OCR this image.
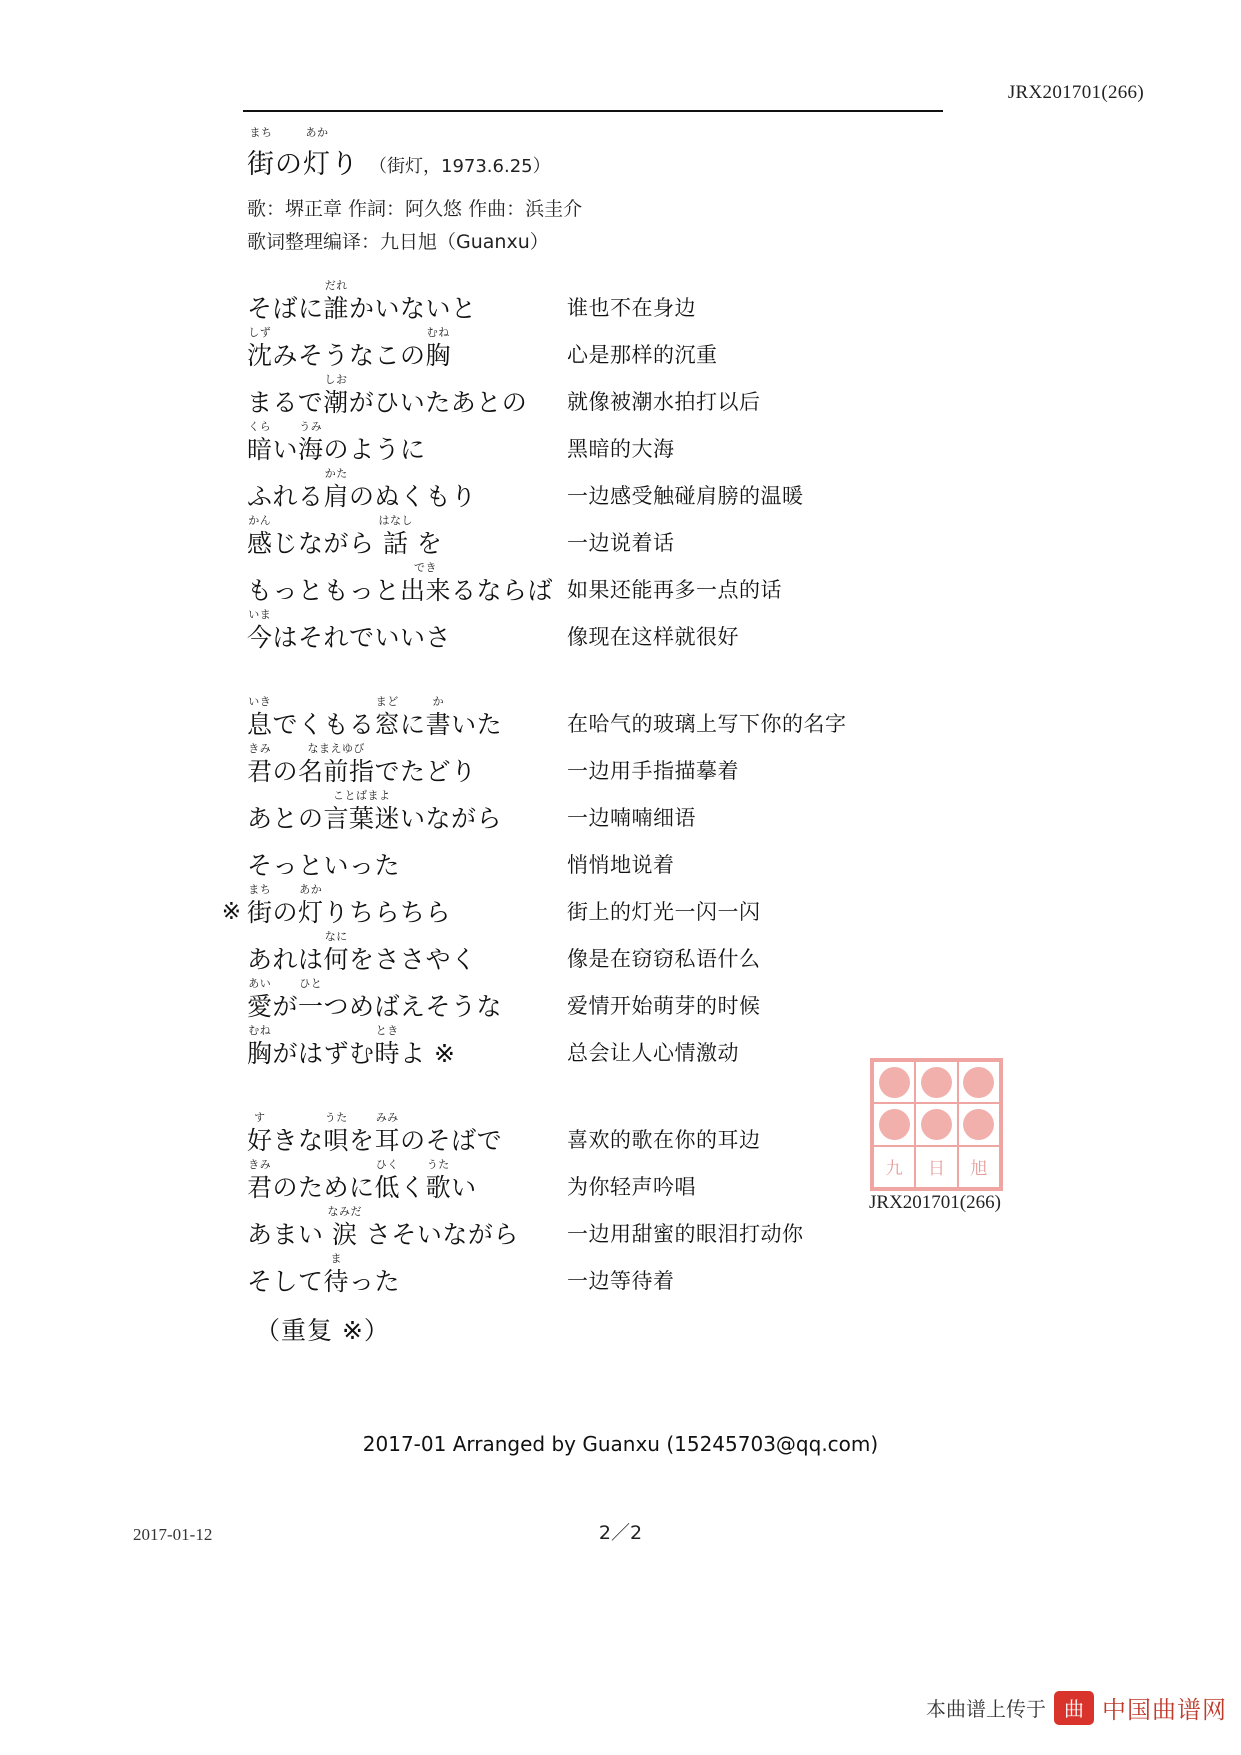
JRX201701(266)
まち
街の
あか
灯り （街灯，1973.6.25）
歌：堺正章 作詞：阿久悠 作曲：浜圭介
歌词整理编译：九日旭（Guanxu）
そばに
だれ
誰かいないと	谁也不在身边
しず
沈みそうなこの
むね
胸	心是那样的沉重
まるで
しお
潮がひいたあとの	就像被潮水拍打以后
くら
暗い
うみ
海のように	黑暗的大海
ふれる
かた
肩のぬくもり	一边感受触碰肩膀的温暖
かん
感じながら
はなし
話 を	一边说着话
もっともっと
でき
出来るならば 如果还能再多一点的话
いま
今はそれでいいさ	像现在这样就很好
いき
息でくもる
まど
窓に
か
書いた	在哈气的玻璃上写下你的名字
きみ
君の
なまえゆび
名前指でたどり	一边用手指描摹着
あとの
ことばまよ
言葉迷いながら	一边喃喃细语
そっといった	悄悄地说着
※
まち
街の
あか
灯りちらちら	街上的灯光一闪一闪
あれは
なに
何をささやく	像是在窃窃私语什么
あい
愛が
ひと
一つめばえそうな	爱情开始萌芽的时候
むね
胸がはずむ
とき
時よ ※	总会让人心情激动
す
好きな
うた
唄を
みみ
耳のそばで	喜欢的歌在你的耳边
きみ
君のために
ひく
低く
うた
歌い	为你轻声吟唱
あまい
なみだ
涙 さそいながら	一边用甜蜜的眼泪打动你
そして
ま
待った	一边等待着
（重复 ※）
九 日 旭
JRX201701(266)
2017-01 Arranged by Guanxu (15245703@qq.com)
2017-01-12	2／2
本曲谱上传于 曲 中国曲谱网
